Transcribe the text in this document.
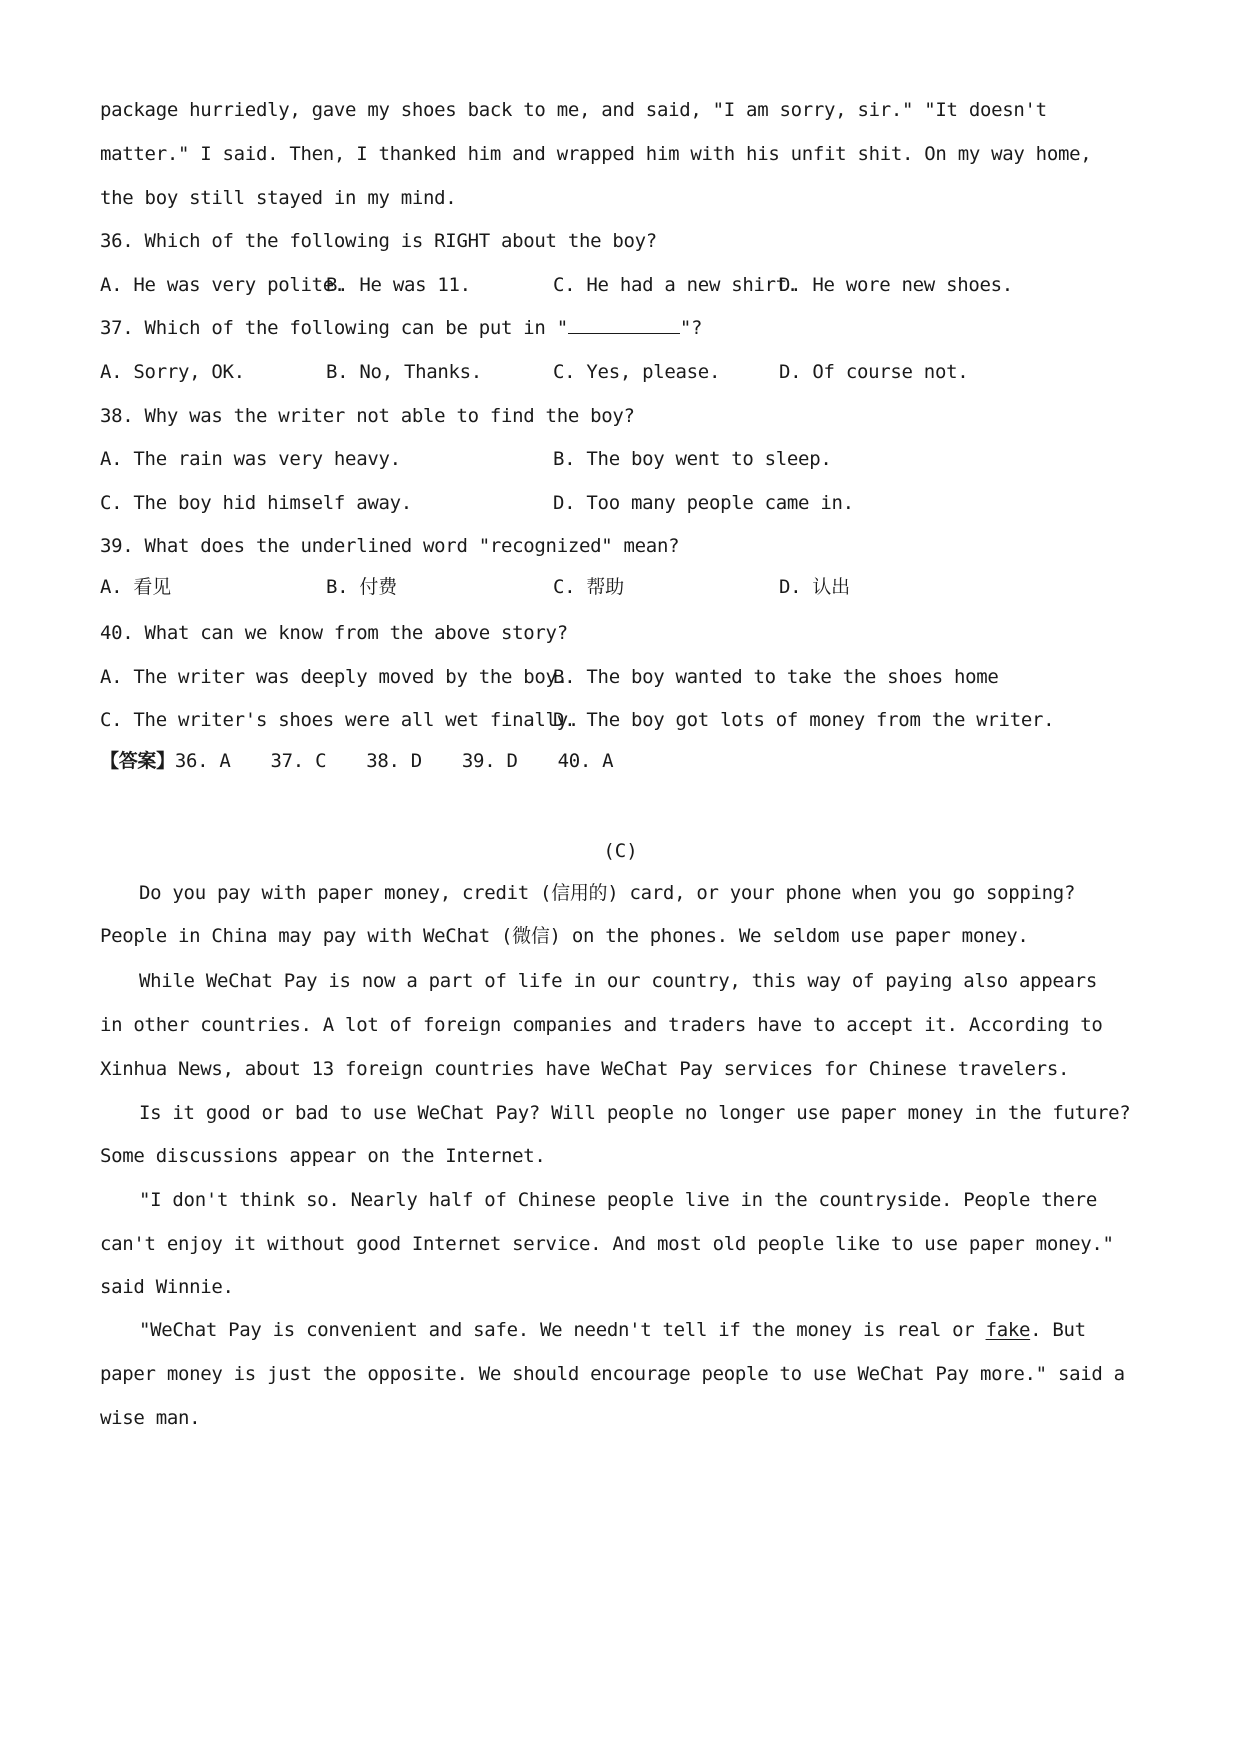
package hurriedly, gave my shoes back to me, and said, "I am sorry, sir." "It doesn't
matter." I said. Then, I thanked him and wrapped him with his unfit shit. On my way home,
the boy still stayed in my mind.
36. Which of the following is RIGHT about the boy?
A. He was very polite.
B. He was 11.	C. He had a new shirt.
D. He wore new shoes.
37. Which of the following can be put in "	"?
A. Sorry, OK.	B. No, Thanks.	C. Yes, please.	D. Of course not.
38. Why was the writer not able to find the boy?
A. The rain was very heavy.	B. The boy went to sleep.
C. The boy hid himself away.	D. Too many people came in.
39. What does the underlined word "recognized" mean?
A. 看见	B. 付费	C. 帮助	D. 认出
40. What can we know from the above story?
A. The writer was deeply moved by the boy.
B. The boy wanted to take the shoes home
C. The writer's shoes were all wet finally.
D. The boy got lots of money from the writer.
【答案】36. A 37. C 38. D 39. D 40. A
(C)
Do you pay with paper money, credit (信用的) card, or your phone when you go sopping?
People in China may pay with WeChat (微信) on the phones. We seldom use paper money.
While WeChat Pay is now a part of life in our country, this way of paying also appears
in other countries. A lot of foreign companies and traders have to accept it. According to
Xinhua News, about 13 foreign countries have WeChat Pay services for Chinese travelers.
Is it good or bad to use WeChat Pay? Will people no longer use paper money in the future?
Some discussions appear on the Internet.
"I don't think so. Nearly half of Chinese people live in the countryside. People there
can't enjoy it without good Internet service. And most old people like to use paper money."
said Winnie.
"WeChat Pay is convenient and safe. We needn't tell if the money is real or fake. But
paper money is just the opposite. We should encourage people to use WeChat Pay more." said a
wise man.
